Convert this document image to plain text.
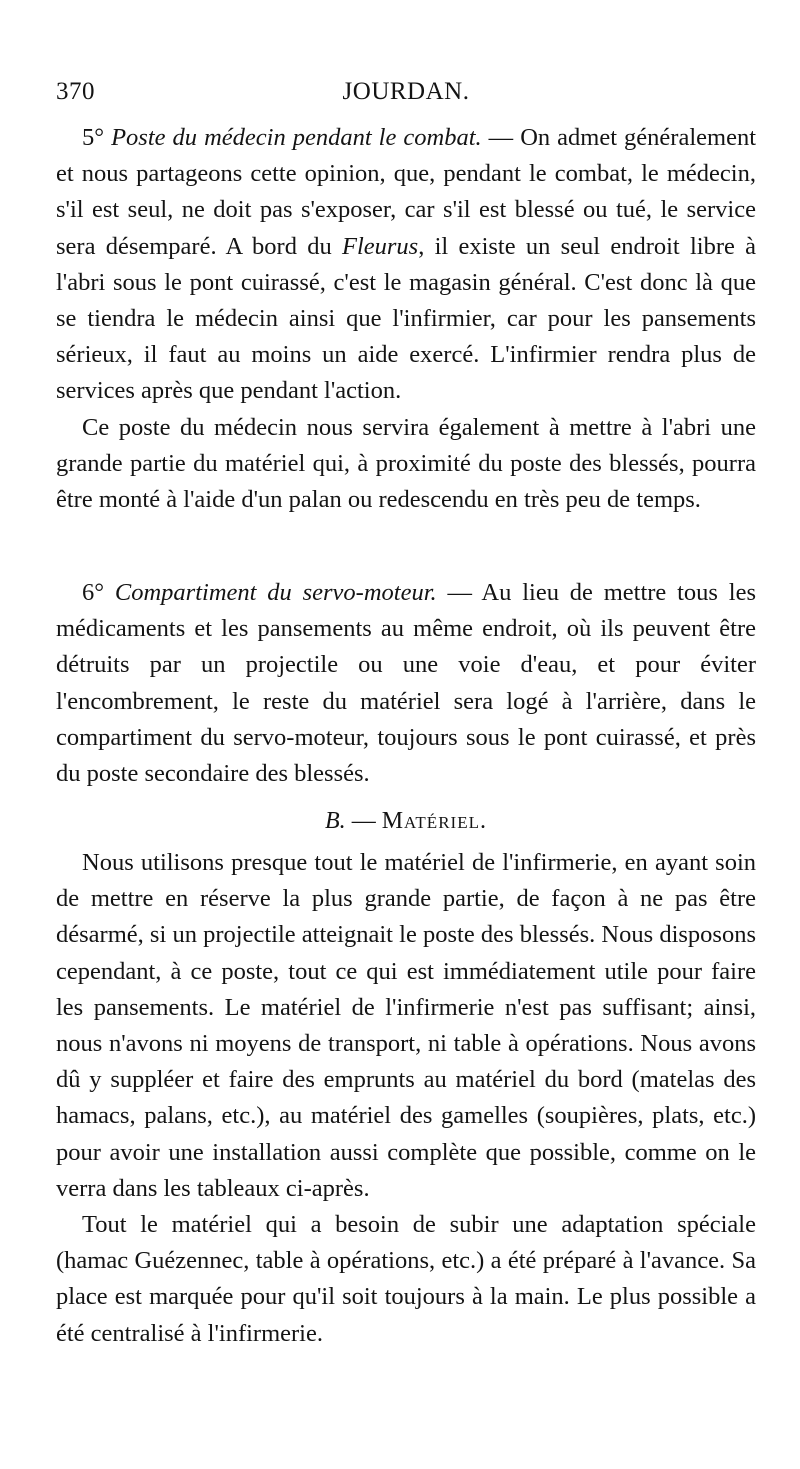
370	JOURDAN.

5° Poste du médecin pendant le combat. — On admet généralement et nous partageons cette opinion, que, pendant le combat, le médecin, s'il est seul, ne doit pas s'exposer, car s'il est blessé ou tué, le service sera désemparé. A bord du Fleurus, il existe un seul endroit libre à l'abri sous le pont cuirassé, c'est le magasin général. C'est donc là que se tiendra le médecin ainsi que l'infirmier, car pour les pansements sérieux, il faut au moins un aide exercé. L'infirmier rendra plus de services après que pendant l'action.

Ce poste du médecin nous servira également à mettre à l'abri une grande partie du matériel qui, à proximité du poste des blessés, pourra être monté à l'aide d'un palan ou redescendu en très peu de temps.

6° Compartiment du servo-moteur. — Au lieu de mettre tous les médicaments et les pansements au même endroit, où ils peuvent être détruits par un projectile ou une voie d'eau, et pour éviter l'encombrement, le reste du matériel sera logé à l'arrière, dans le compartiment du servo-moteur, toujours sous le pont cuirassé, et près du poste secondaire des blessés.

B. — Matériel.

Nous utilisons presque tout le matériel de l'infirmerie, en ayant soin de mettre en réserve la plus grande partie, de façon à ne pas être désarmé, si un projectile atteignait le poste des blessés. Nous disposons cependant, à ce poste, tout ce qui est immédiatement utile pour faire les pansements. Le matériel de l'infirmerie n'est pas suffisant; ainsi, nous n'avons ni moyens de transport, ni table à opérations. Nous avons dû y suppléer et faire des emprunts au matériel du bord (matelas des hamacs, palans, etc.), au matériel des gamelles (soupières, plats, etc.) pour avoir une installation aussi complète que possible, comme on le verra dans les tableaux ci-après.

Tout le matériel qui a besoin de subir une adaptation spéciale (hamac Guézennec, table à opérations, etc.) a été préparé à l'avance. Sa place est marquée pour qu'il soit toujours à la main. Le plus possible a été centralisé à l'infirmerie.
